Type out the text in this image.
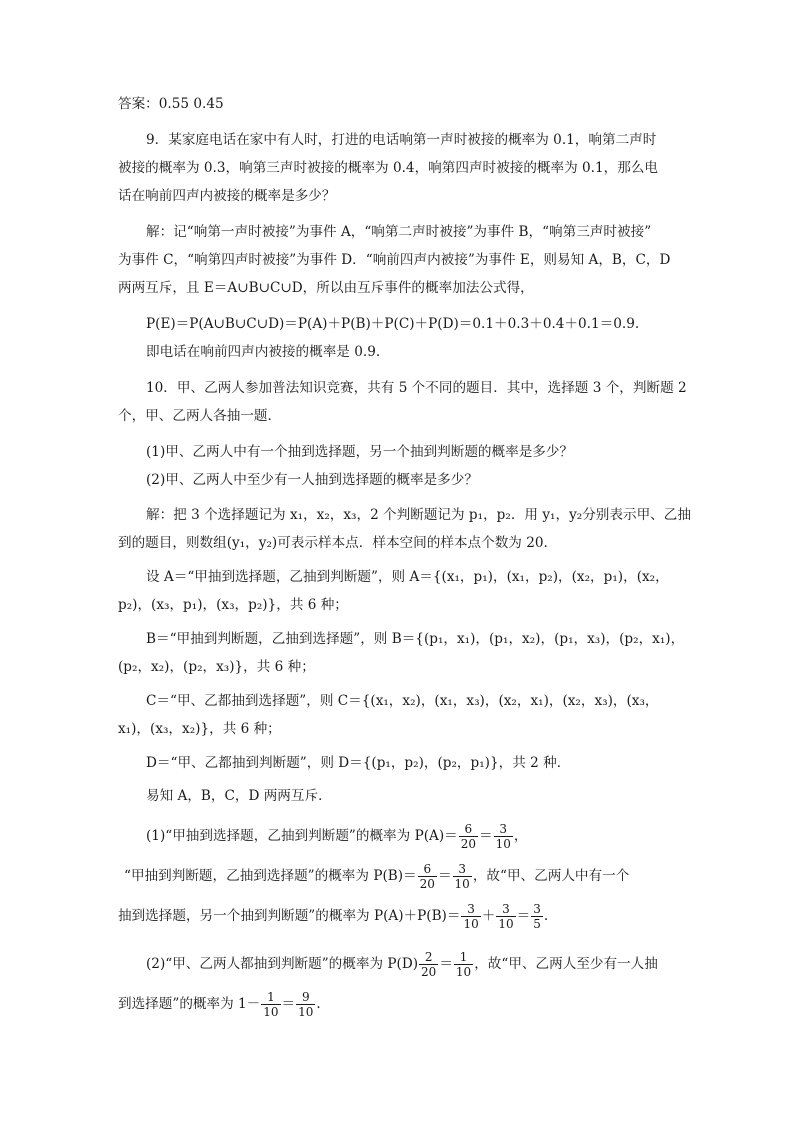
答案：0.55 0.45
9．某家庭电话在家中有人时，打进的电话响第一声时被接的概率为 0.1，响第二声时
被接的概率为 0.3，响第三声时被接的概率为 0.4，响第四声时被接的概率为 0.1，那么电
话在响前四声内被接的概率是多少？
解：记“响第一声时被接”为事件 A，“响第二声时被接”为事件 B，“响第三声时被接”
为事件 C，“响第四声时被接”为事件 D．“响前四声内被接”为事件 E，则易知 A，B，C，D
两两互斥，且 E＝A∪B∪C∪D，所以由互斥事件的概率加法公式得，
P(E)＝P(A∪B∪C∪D)＝P(A)＋P(B)＋P(C)＋P(D)＝0.1＋0.3＋0.4＋0.1＝0.9.
即电话在响前四声内被接的概率是 0.9.
10．甲、乙两人参加普法知识竞赛，共有 5 个不同的题目．其中，选择题 3 个，判断题 2
个，甲、乙两人各抽一题．
(1)甲、乙两人中有一个抽到选择题，另一个抽到判断题的概率是多少？
(2)甲、乙两人中至少有一人抽到选择题的概率是多少？
解：把 3 个选择题记为 x₁，x₂，x₃，2 个判断题记为 p₁，p₂．用 y₁，y₂分别表示甲、乙抽
到的题目，则数组(y₁，y₂)可表示样本点．样本空间的样本点个数为 20.
设 A＝“甲抽到选择题，乙抽到判断题”，则 A＝{(x₁，p₁)，(x₁，p₂)，(x₂，p₁)，(x₂，
p₂)，(x₃，p₁)，(x₃，p₂)}，共 6 种；
B＝“甲抽到判断题，乙抽到选择题”，则 B＝{(p₁，x₁)，(p₁，x₂)，(p₁，x₃)，(p₂，x₁)，
(p₂，x₂)，(p₂，x₃)}，共 6 种；
C＝“甲、乙都抽到选择题”，则 C＝{(x₁，x₂)，(x₁，x₃)，(x₂，x₁)，(x₂，x₃)，(x₃，
x₁)，(x₃，x₂)}，共 6 种；
D＝“甲、乙都抽到判断题”，则 D＝{(p₁，p₂)，(p₂，p₁)}，共 2 种．
易知 A，B，C，D 两两互斥．
(1)“甲抽到选择题，乙抽到判断题”的概率为 $P(A)= \frac{6}{20} = \frac{3}{10}$ ，
“甲抽到判断题，乙抽到选择题”的概率为 $P(B)= \frac{6}{20} = \frac{3}{10}$ ，故“甲、乙两人中有一个
抽到选择题，另一个抽到判断题”的概率为 $P(A)+P(B)= \frac{3}{10} + \frac{3}{10} = \frac{3}{5}$ .
(2)“甲、乙两人都抽到判断题”的概率为 $P(D) \frac{2}{20} = \frac{1}{10}$ ，故“甲、乙两人至少有一人抽
到选择题”的概率为 $1- \frac{1}{10} = \frac{9}{10}$ .
